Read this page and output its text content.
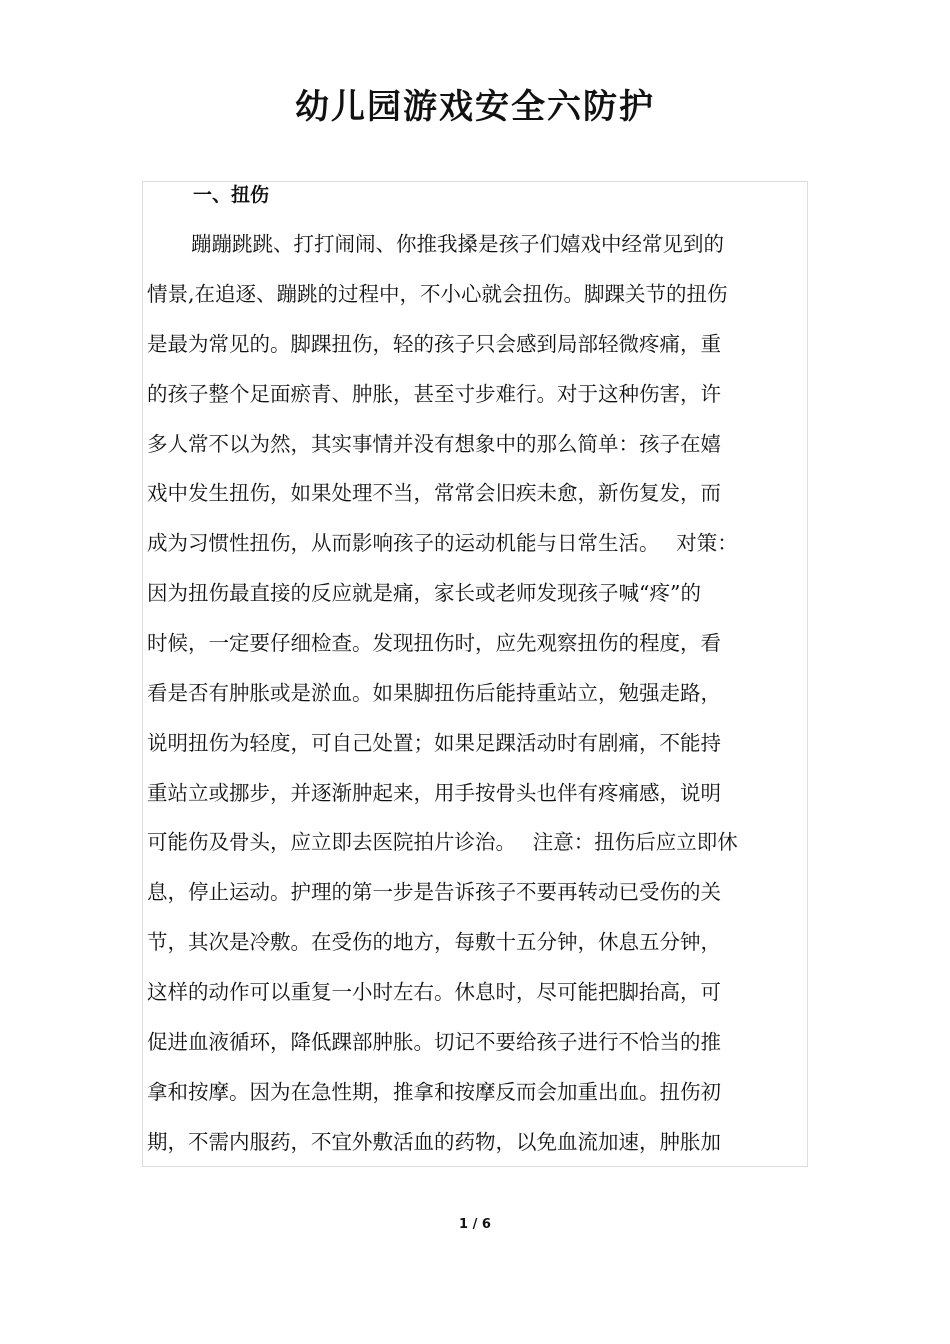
幼儿园游戏安全六防护
一、扭伤

蹦蹦跳跳、打打闹闹、你推我搡是孩子们嬉戏中经常见到的

情景,在追逐、蹦跳的过程中，不小心就会扭伤。脚踝关节的扭伤

是最为常见的。脚踝扭伤，轻的孩子只会感到局部轻微疼痛，重

的孩子整个足面瘀青、肿胀，甚至寸步难行。对于这种伤害，许

多人常不以为然，其实事情并没有想象中的那么简单：孩子在嬉

戏中发生扭伤，如果处理不当，常常会旧疾未愈，新伤复发，而

成为习惯性扭伤，从而影响孩子的运动机能与日常生活。　 对策：

因为扭伤最直接的反应就是痛，家长或老师发现孩子喊“疼”的

时候，一定要仔细检查。发现扭伤时，应先观察扭伤的程度，看

看是否有肿胀或是淤血。如果脚扭伤后能持重站立，勉强走路，

说明扭伤为轻度，可自己处置；如果足踝活动时有剧痛，不能持

重站立或挪步，并逐渐肿起来，用手按骨头也伴有疼痛感，说明

可能伤及骨头，应立即去医院拍片诊治。　 注意：扭伤后应立即休

息，停止运动。护理的第一步是告诉孩子不要再转动已受伤的关

节，其次是冷敷。在受伤的地方，每敷十五分钟，休息五分钟，

这样的动作可以重复一小时左右。休息时，尽可能把脚抬高，可

促进血液循环，降低踝部肿胀。切记不要给孩子进行不恰当的推

拿和按摩。因为在急性期，推拿和按摩反而会加重出血。扭伤初

期，不需内服药，不宜外敷活血的药物，以免血流加速，肿胀加

1 / 6
